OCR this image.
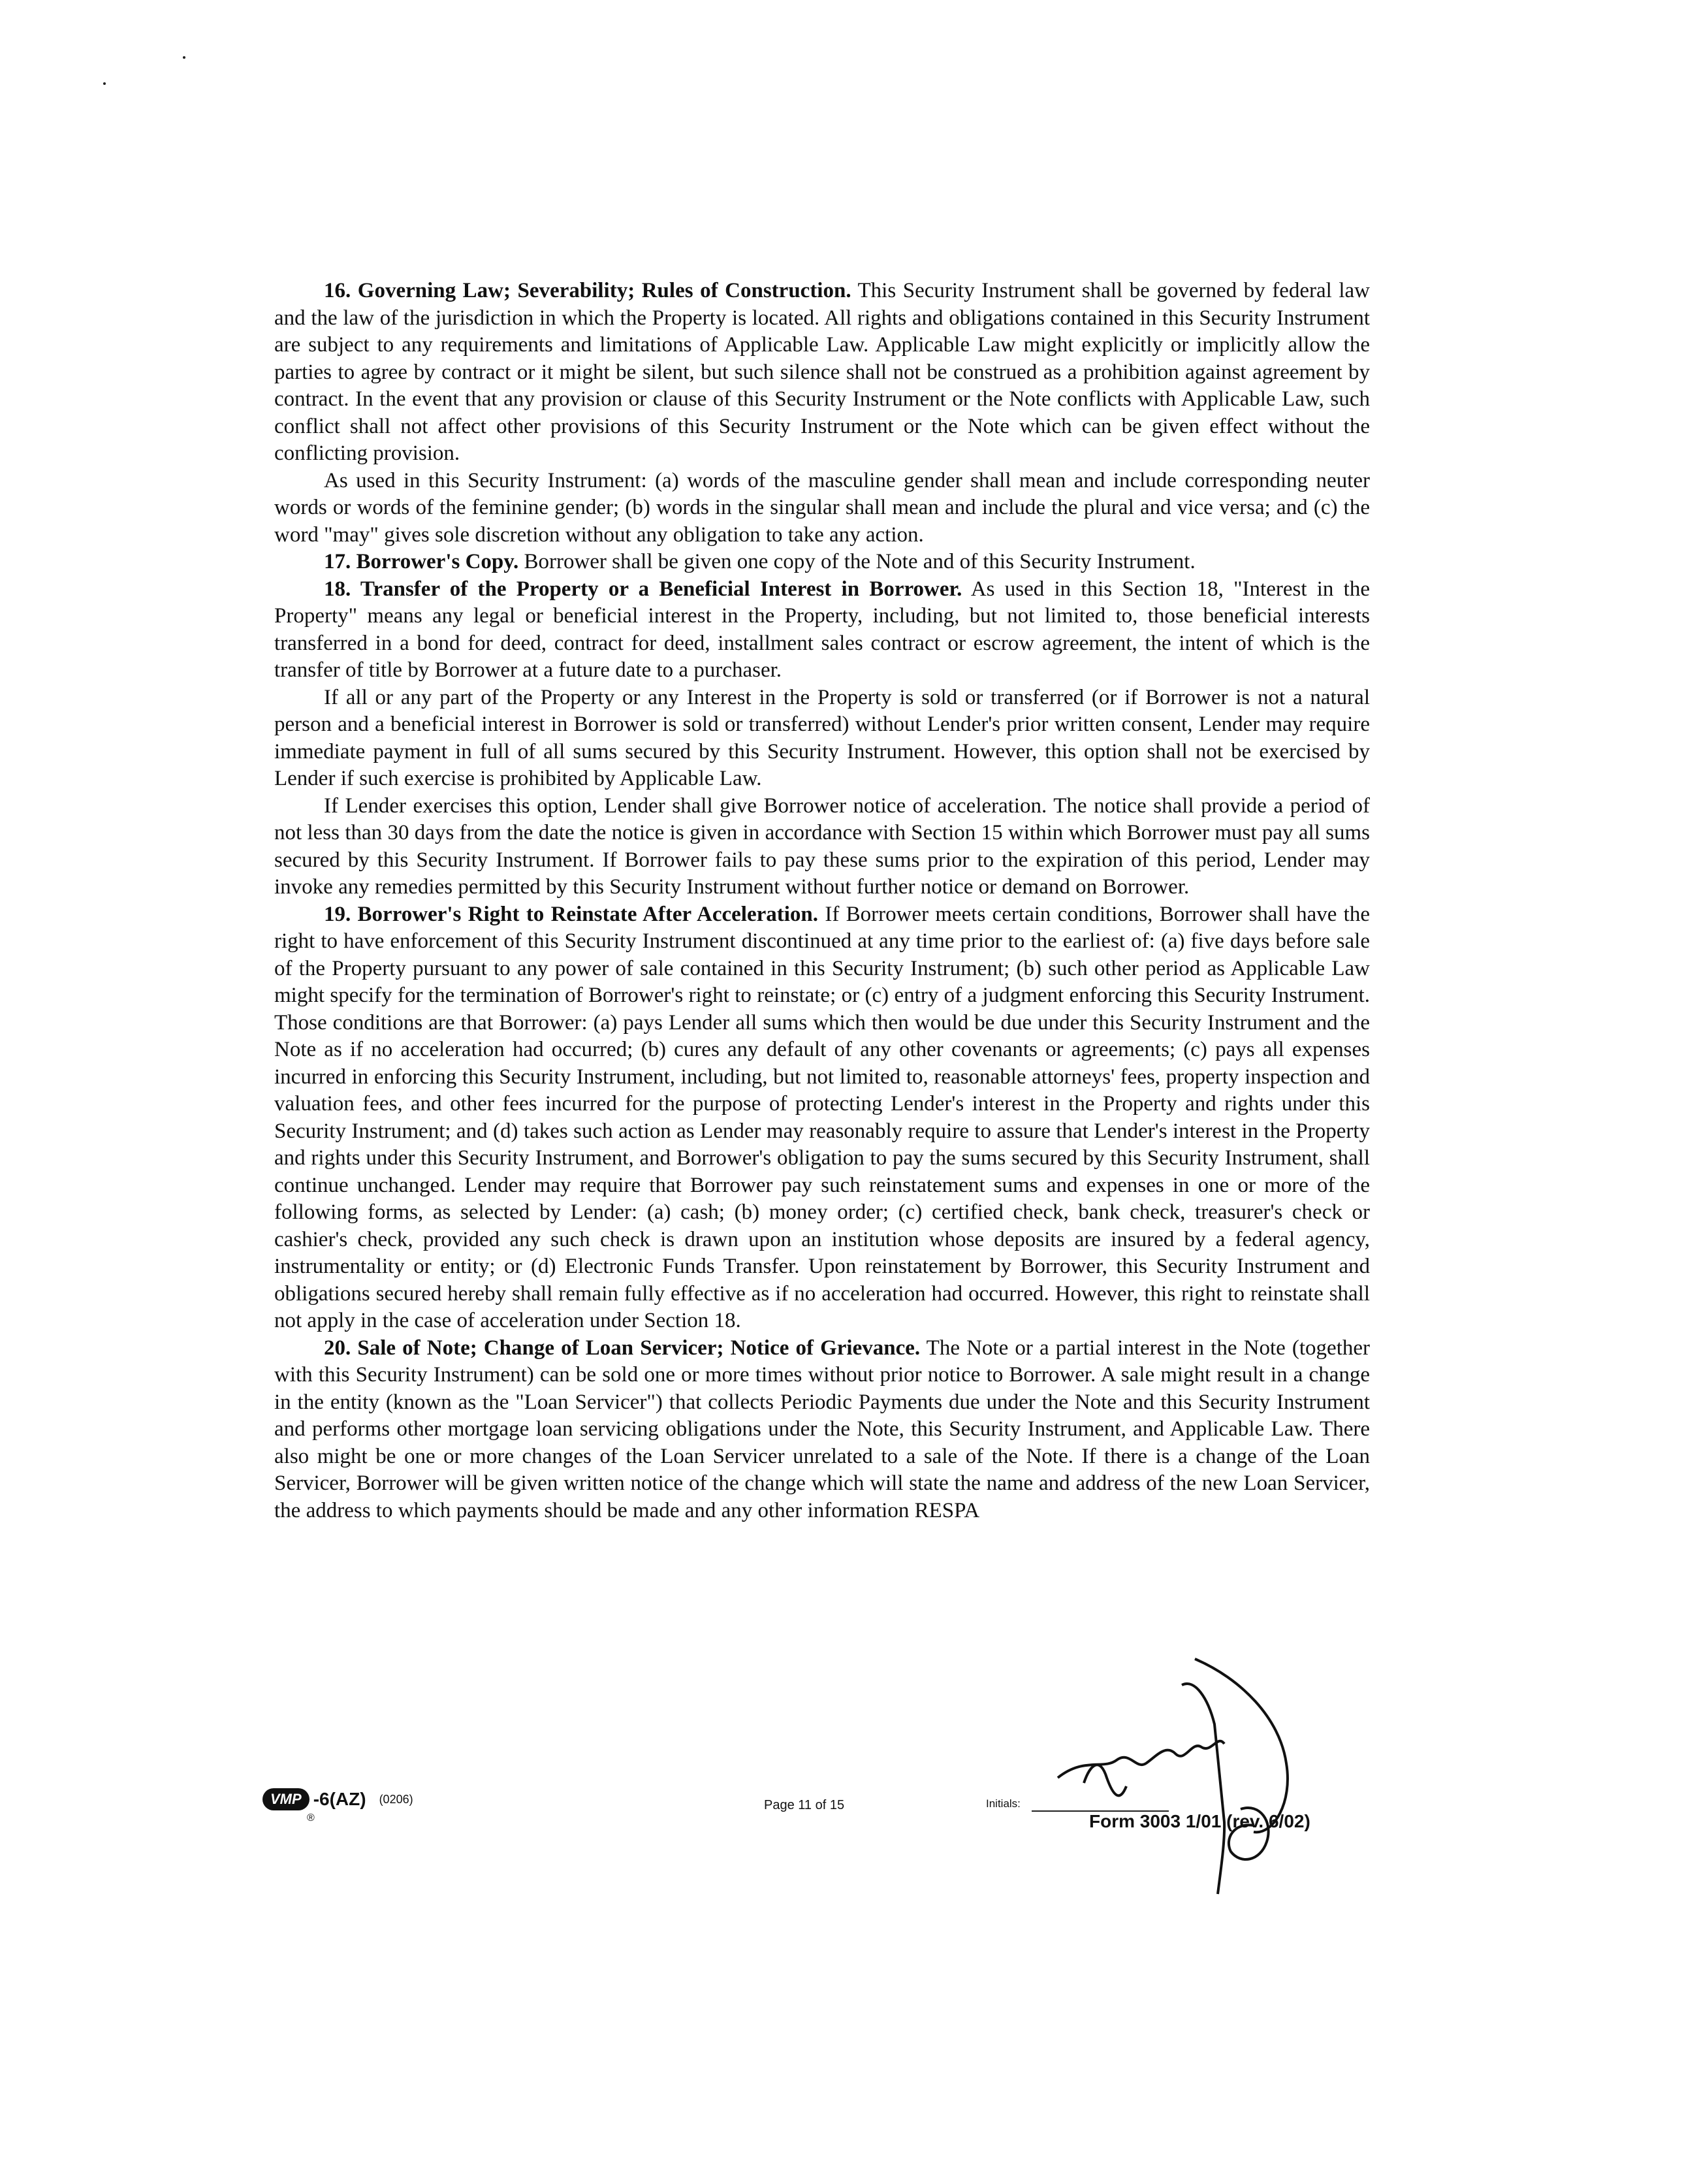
16. Governing Law; Severability; Rules of Construction. This Security Instrument shall be governed by federal law and the law of the jurisdiction in which the Property is located. All rights and obligations contained in this Security Instrument are subject to any requirements and limitations of Applicable Law. Applicable Law might explicitly or implicitly allow the parties to agree by contract or it might be silent, but such silence shall not be construed as a prohibition against agreement by contract. In the event that any provision or clause of this Security Instrument or the Note conflicts with Applicable Law, such conflict shall not affect other provisions of this Security Instrument or the Note which can be given effect without the conflicting provision.

As used in this Security Instrument: (a) words of the masculine gender shall mean and include corresponding neuter words or words of the feminine gender; (b) words in the singular shall mean and include the plural and vice versa; and (c) the word "may" gives sole discretion without any obligation to take any action.

17. Borrower's Copy. Borrower shall be given one copy of the Note and of this Security Instrument.

18. Transfer of the Property or a Beneficial Interest in Borrower. As used in this Section 18, "Interest in the Property" means any legal or beneficial interest in the Property, including, but not limited to, those beneficial interests transferred in a bond for deed, contract for deed, installment sales contract or escrow agreement, the intent of which is the transfer of title by Borrower at a future date to a purchaser.

If all or any part of the Property or any Interest in the Property is sold or transferred (or if Borrower is not a natural person and a beneficial interest in Borrower is sold or transferred) without Lender's prior written consent, Lender may require immediate payment in full of all sums secured by this Security Instrument. However, this option shall not be exercised by Lender if such exercise is prohibited by Applicable Law.

If Lender exercises this option, Lender shall give Borrower notice of acceleration. The notice shall provide a period of not less than 30 days from the date the notice is given in accordance with Section 15 within which Borrower must pay all sums secured by this Security Instrument. If Borrower fails to pay these sums prior to the expiration of this period, Lender may invoke any remedies permitted by this Security Instrument without further notice or demand on Borrower.

19. Borrower's Right to Reinstate After Acceleration. If Borrower meets certain conditions, Borrower shall have the right to have enforcement of this Security Instrument discontinued at any time prior to the earliest of: (a) five days before sale of the Property pursuant to any power of sale contained in this Security Instrument; (b) such other period as Applicable Law might specify for the termination of Borrower's right to reinstate; or (c) entry of a judgment enforcing this Security Instrument. Those conditions are that Borrower: (a) pays Lender all sums which then would be due under this Security Instrument and the Note as if no acceleration had occurred; (b) cures any default of any other covenants or agreements; (c) pays all expenses incurred in enforcing this Security Instrument, including, but not limited to, reasonable attorneys' fees, property inspection and valuation fees, and other fees incurred for the purpose of protecting Lender's interest in the Property and rights under this Security Instrument; and (d) takes such action as Lender may reasonably require to assure that Lender's interest in the Property and rights under this Security Instrument, and Borrower's obligation to pay the sums secured by this Security Instrument, shall continue unchanged. Lender may require that Borrower pay such reinstatement sums and expenses in one or more of the following forms, as selected by Lender: (a) cash; (b) money order; (c) certified check, bank check, treasurer's check or cashier's check, provided any such check is drawn upon an institution whose deposits are insured by a federal agency, instrumentality or entity; or (d) Electronic Funds Transfer. Upon reinstatement by Borrower, this Security Instrument and obligations secured hereby shall remain fully effective as if no acceleration had occurred. However, this right to reinstate shall not apply in the case of acceleration under Section 18.

20. Sale of Note; Change of Loan Servicer; Notice of Grievance. The Note or a partial interest in the Note (together with this Security Instrument) can be sold one or more times without prior notice to Borrower. A sale might result in a change in the entity (known as the "Loan Servicer") that collects Periodic Payments due under the Note and this Security Instrument and performs other mortgage loan servicing obligations under the Note, this Security Instrument, and Applicable Law. There also might be one or more changes of the Loan Servicer unrelated to a sale of the Note. If there is a change of the Loan Servicer, Borrower will be given written notice of the change which will state the name and address of the new Loan Servicer, the address to which payments should be made and any other information RESPA

VMP -6(AZ) (0206)
®
Page 11 of 15	Initials:
Form 3003 1/01 (rev. 6/02)
